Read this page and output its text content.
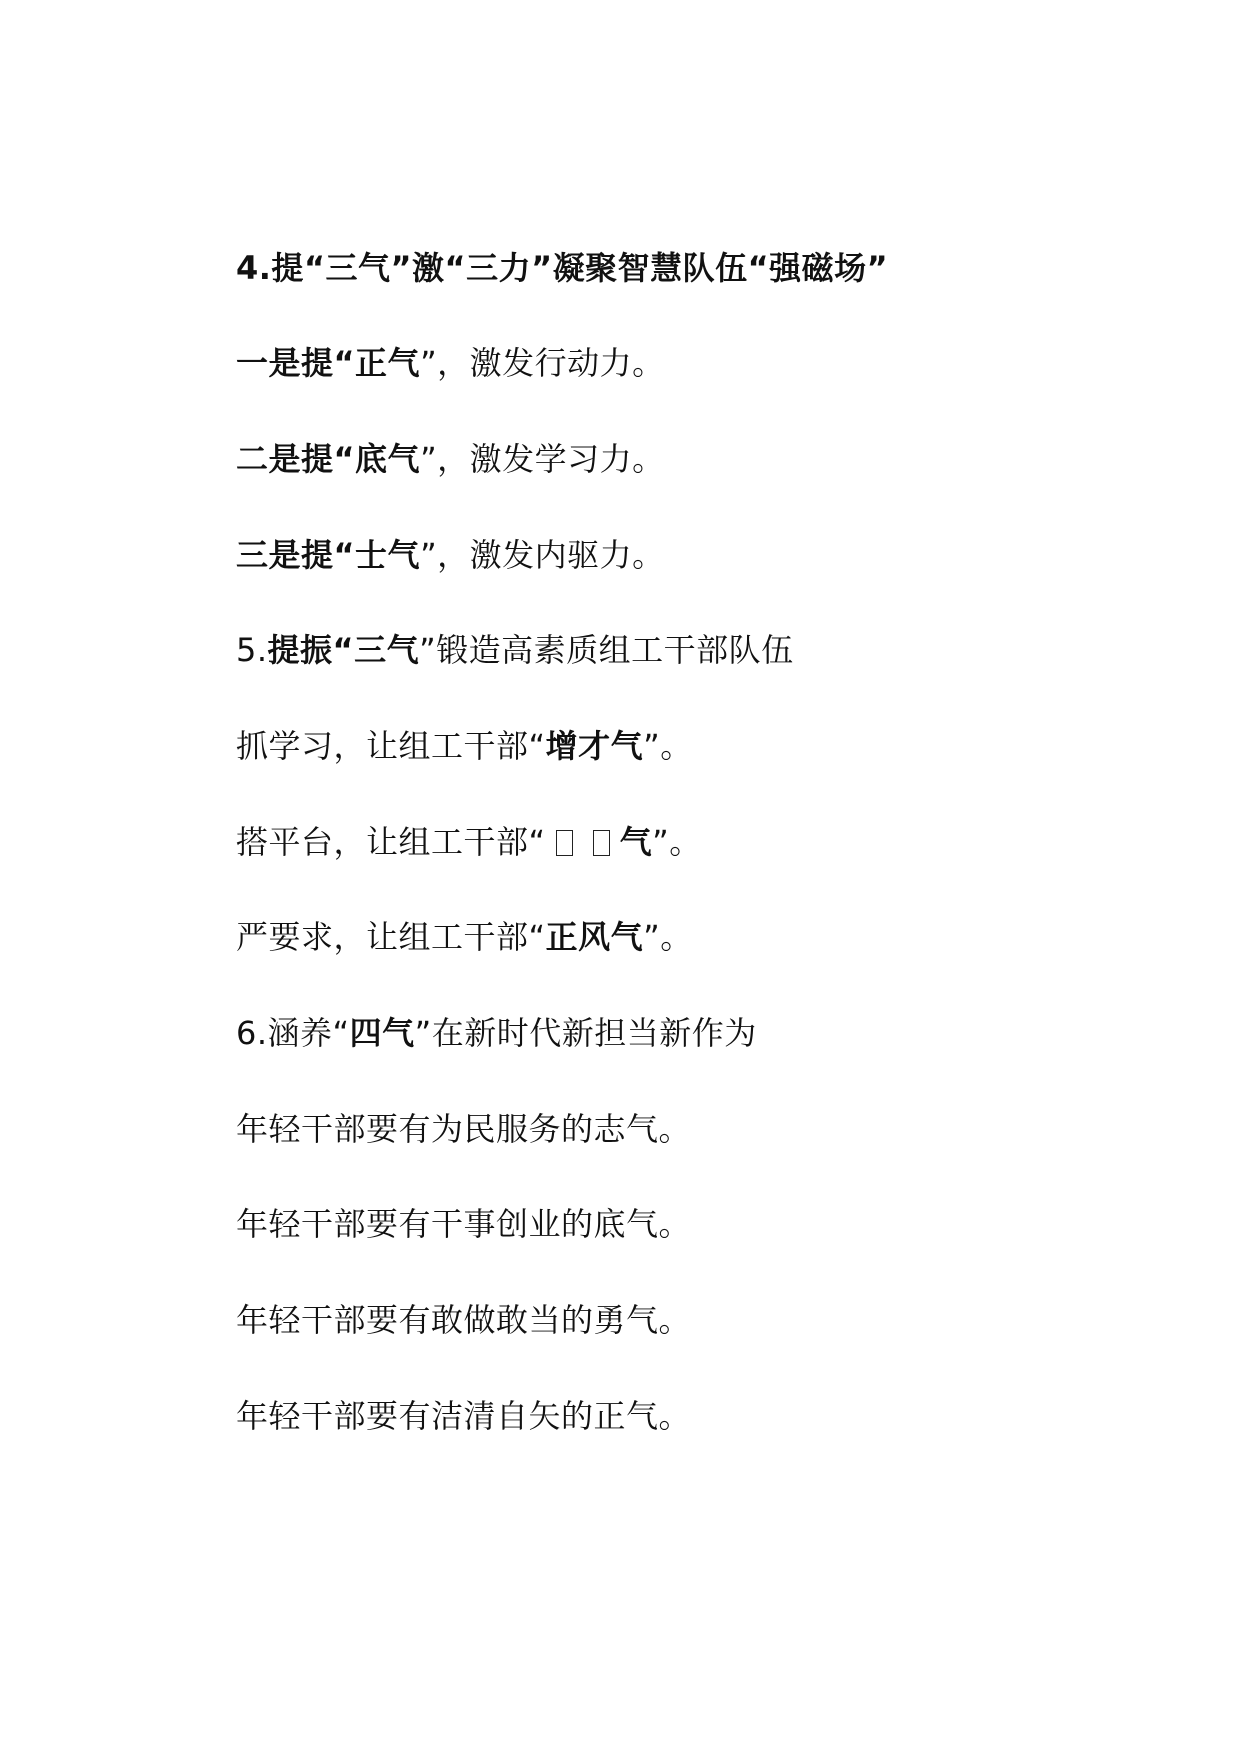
4.提“三气”激“三力”凝聚智慧队伍“强磁场”
一是提“正气”，激发行动力。
二是提“底气”，激发学习力。
三是提“士气”，激发内驱力。
5.提振“三气”锻造高素质组工干部队伍
抓学习，让组工干部“增才气”。
搭平台，让组工干部“ 气”。
严要求，让组工干部“正风气”。
6.涵养“四气”在新时代新担当新作为
年轻干部要有为民服务的志气。
年轻干部要有干事创业的底气。
年轻干部要有敢做敢当的勇气。
年轻干部要有洁清自矢的正气。
